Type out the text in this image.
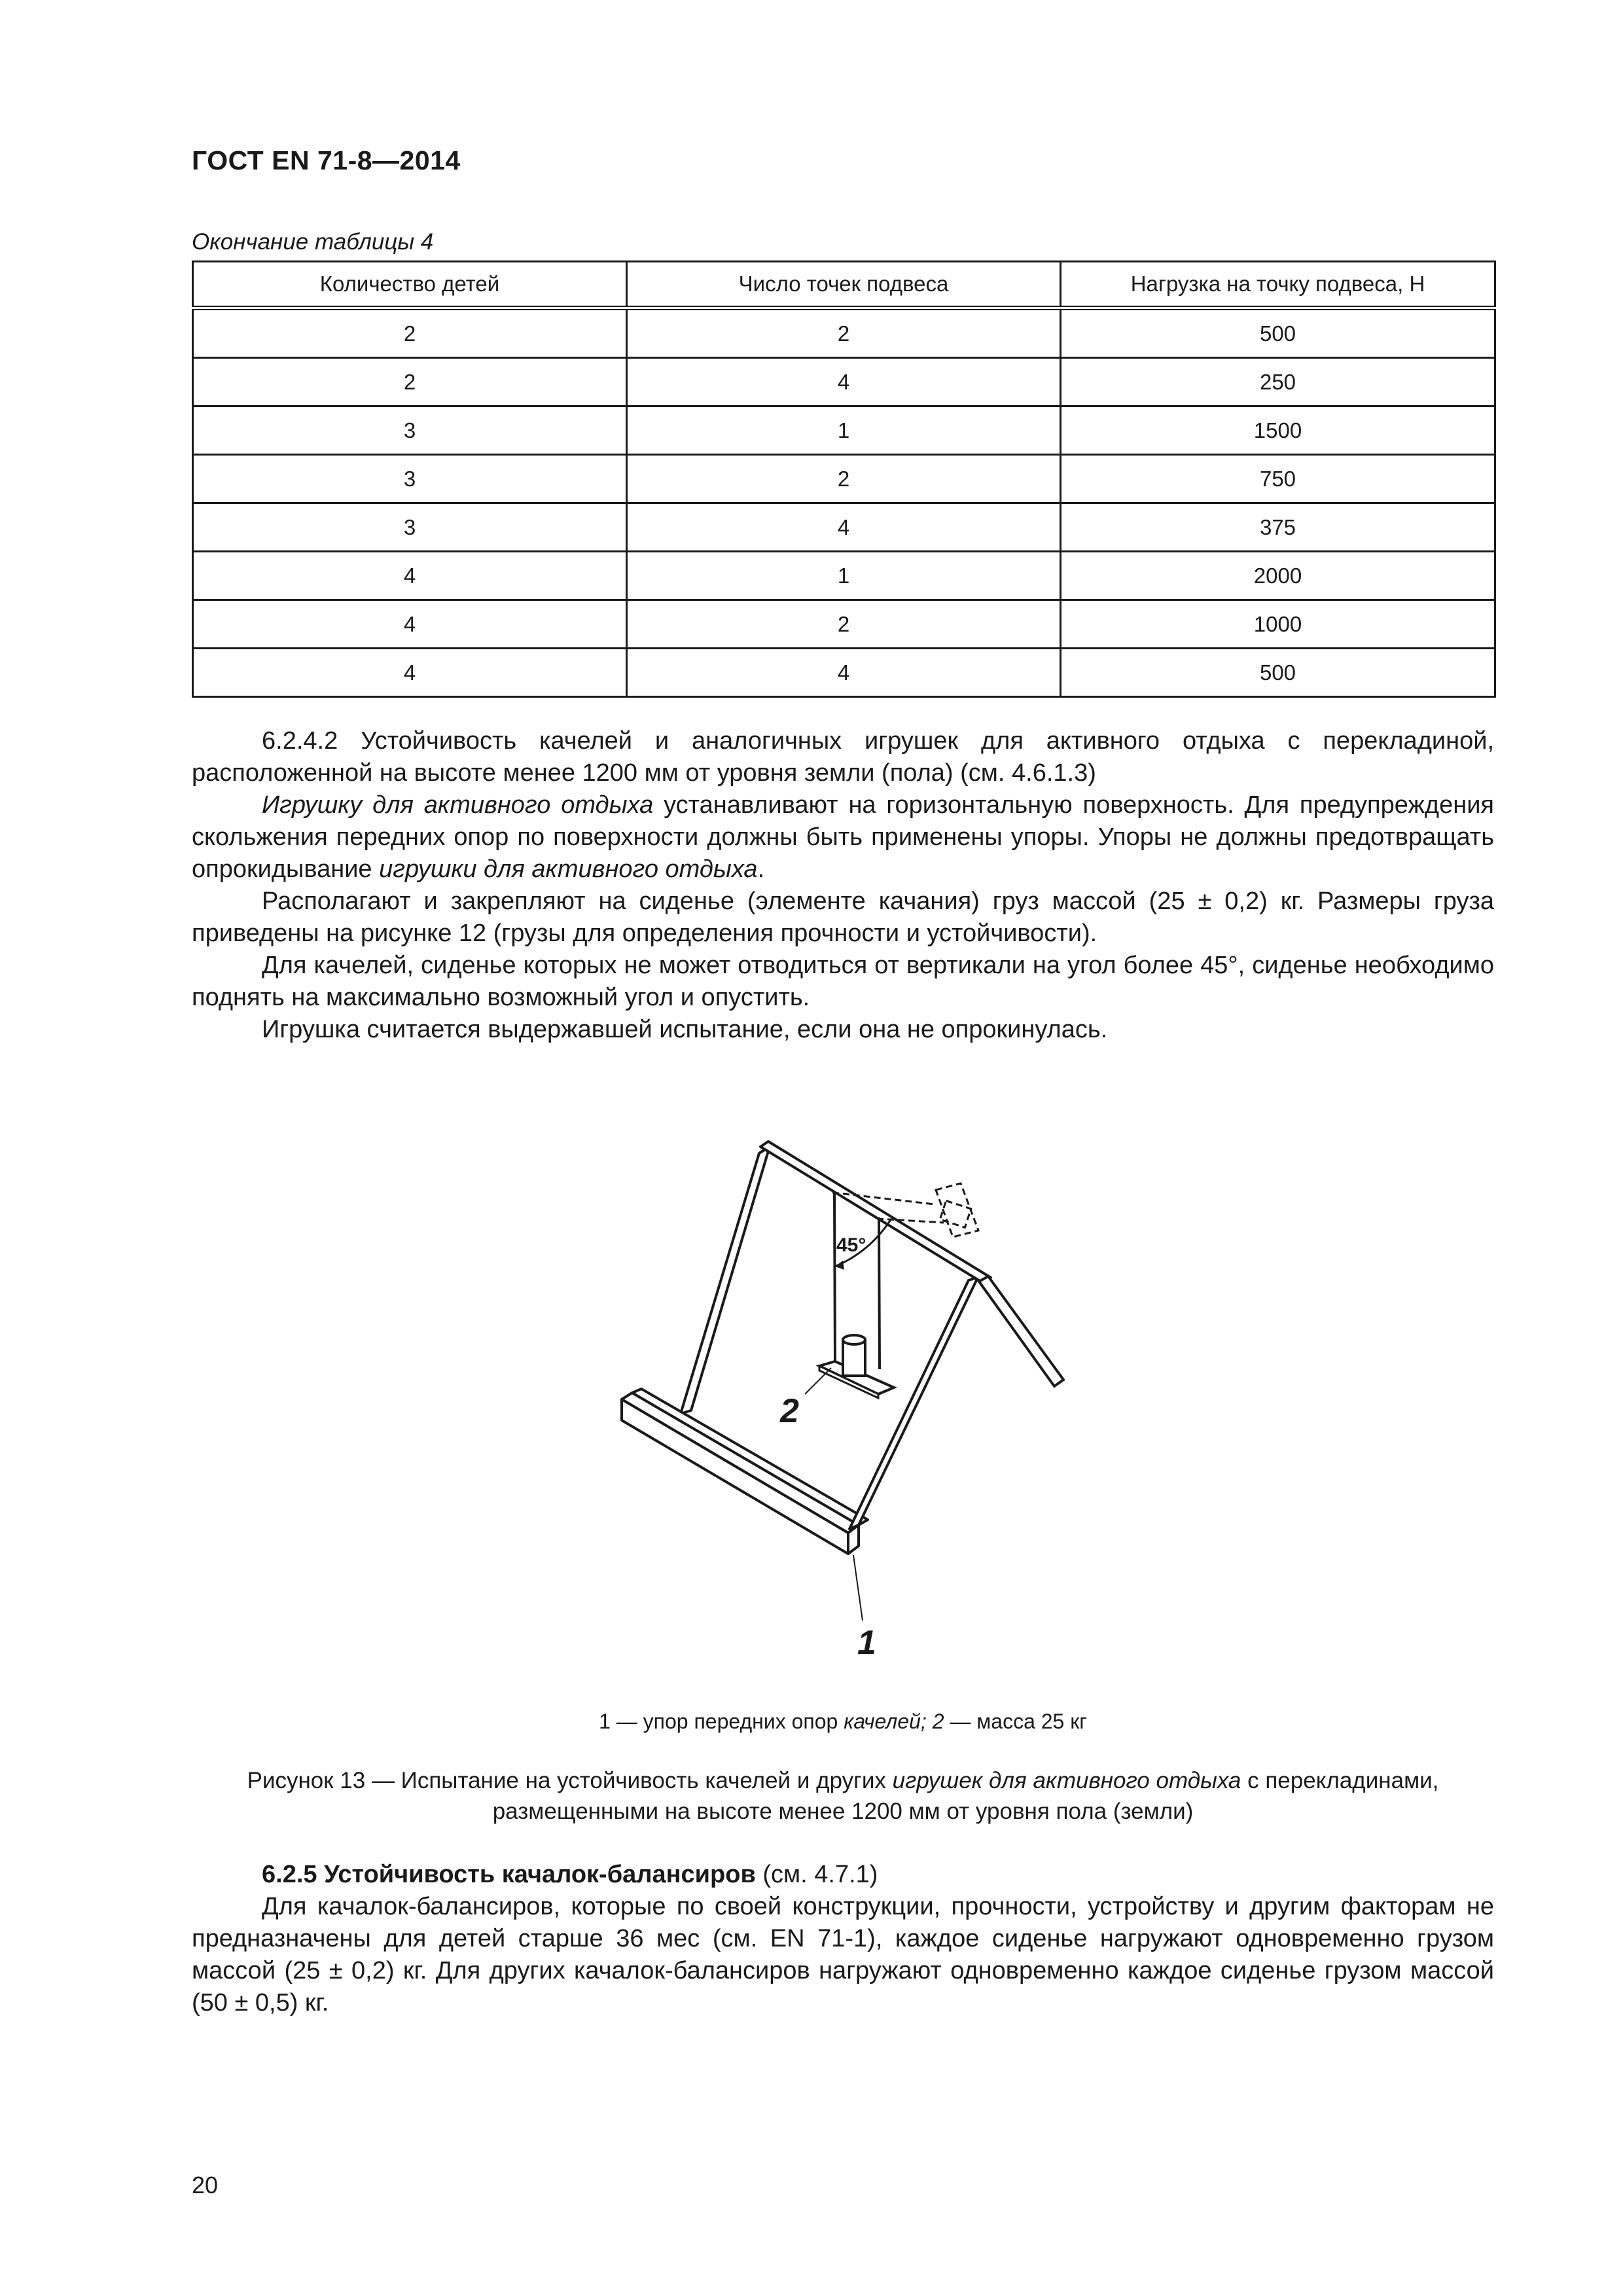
ГОСТ EN 71-8—2014
Окончание таблицы 4
Количество детей	Число точек подвеса	Нагрузка на точку подвеса, Н
2	2	500
2	4	250
3	1	1500
3	2	750
3	4	375
4	1	2000
4	2	1000
4	4	500

6.2.4.2 Устойчивость качелей и аналогичных игрушек для активного отдыха с перекладиной, расположенной на высоте менее 1200 мм от уровня земли (пола) (см. 4.6.1.3)

Игрушку для активного отдыха устанавливают на горизонтальную поверхность. Для предупреждения скольжения передних опор по поверхности должны быть применены упоры. Упоры не должны предотвращать опрокидывание игрушки для активного отдыха.

Располагают и закрепляют на сиденье (элементе качания) груз массой (25 ± 0,2) кг. Размеры груза приведены на рисунке 12 (грузы для определения прочности и устойчивости).

Для качелей, сиденье которых не может отводиться от вертикали на угол более 45°, сиденье необходимо поднять на максимально возможный угол и опустить.

Игрушка считается выдержавшей испытание, если она не опрокинулась.

45°
2
1
1 — упор передних опор качелей; 2 — масса 25 кг
Рисунок 13 — Испытание на устойчивость качелей и других игрушек для активного отдыха с перекладинами, размещенными на высоте менее 1200 мм от уровня пола (земли)

6.2.5 Устойчивость качалок-балансиров (см. 4.7.1)

Для качалок-балансиров, которые по своей конструкции, прочности, устройству и другим факторам не предназначены для детей старше 36 мес (см. EN 71-1), каждое сиденье нагружают одновременно грузом массой (25 ± 0,2) кг. Для других качалок-балансиров нагружают одновременно каждое сиденье грузом массой (50 ± 0,5) кг.

20
